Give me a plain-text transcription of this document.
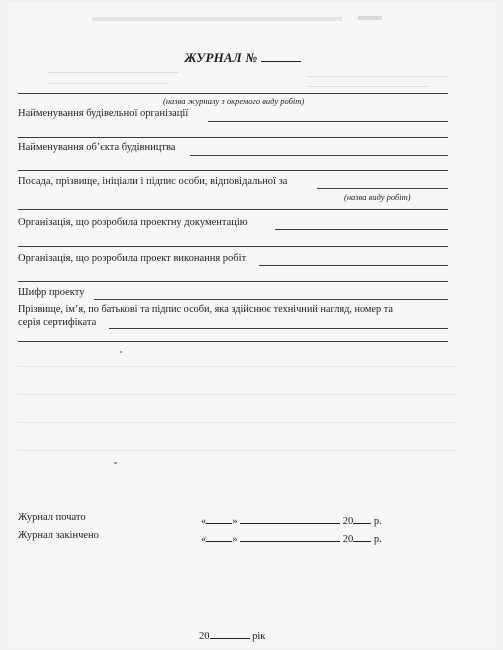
ЖУРНАЛ №
(назва журналу з окремого виду робіт)
Найменування будівельної організації
Найменування об’єкта будівництва
Посада, прізвище, ініціали і підпис особи, відповідальної за
(назва виду робіт)
Організація, що розробила проектну документацію
Організація, що розробила проект виконання робіт
Шифр проекту
Прізвище, ім’я, по батькові та підпис особи, яка здійснює технічний нагляд, номер та
серія сертифіката
Журнал почато	« »	20 р.
Журнал закінчено	« »	20 р.
20	рік
